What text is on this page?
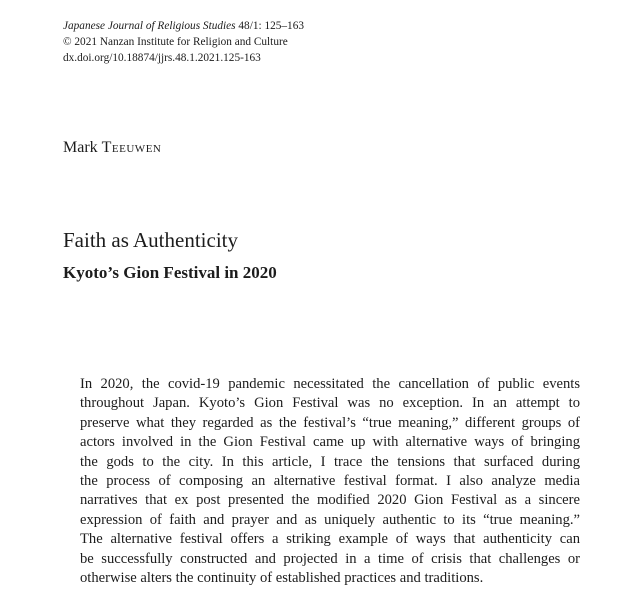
Japanese Journal of Religious Studies 48/1: 125–163
© 2021 Nanzan Institute for Religion and Culture
dx.doi.org/10.18874/jjrs.48.1.2021.125-163
Mark Teeuwen
Faith as Authenticity
Kyoto’s Gion Festival in 2020
In 2020, the covid-19 pandemic necessitated the cancellation of public events
throughout Japan. Kyoto’s Gion Festival was no exception. In an attempt to
preserve what they regarded as the festival’s “true meaning,” different groups of
actors involved in the Gion Festival came up with alternative ways of bringing
the gods to the city. In this article, I trace the tensions that surfaced during
the process of composing an alternative festival format. I also analyze media
narratives that ex post presented the modified 2020 Gion Festival as a sincere
expression of faith and prayer and as uniquely authentic to its “true meaning.”
The alternative festival offers a striking example of ways that authenticity can
be successfully constructed and projected in a time of crisis that challenges or
otherwise alters the continuity of established practices and traditions.
